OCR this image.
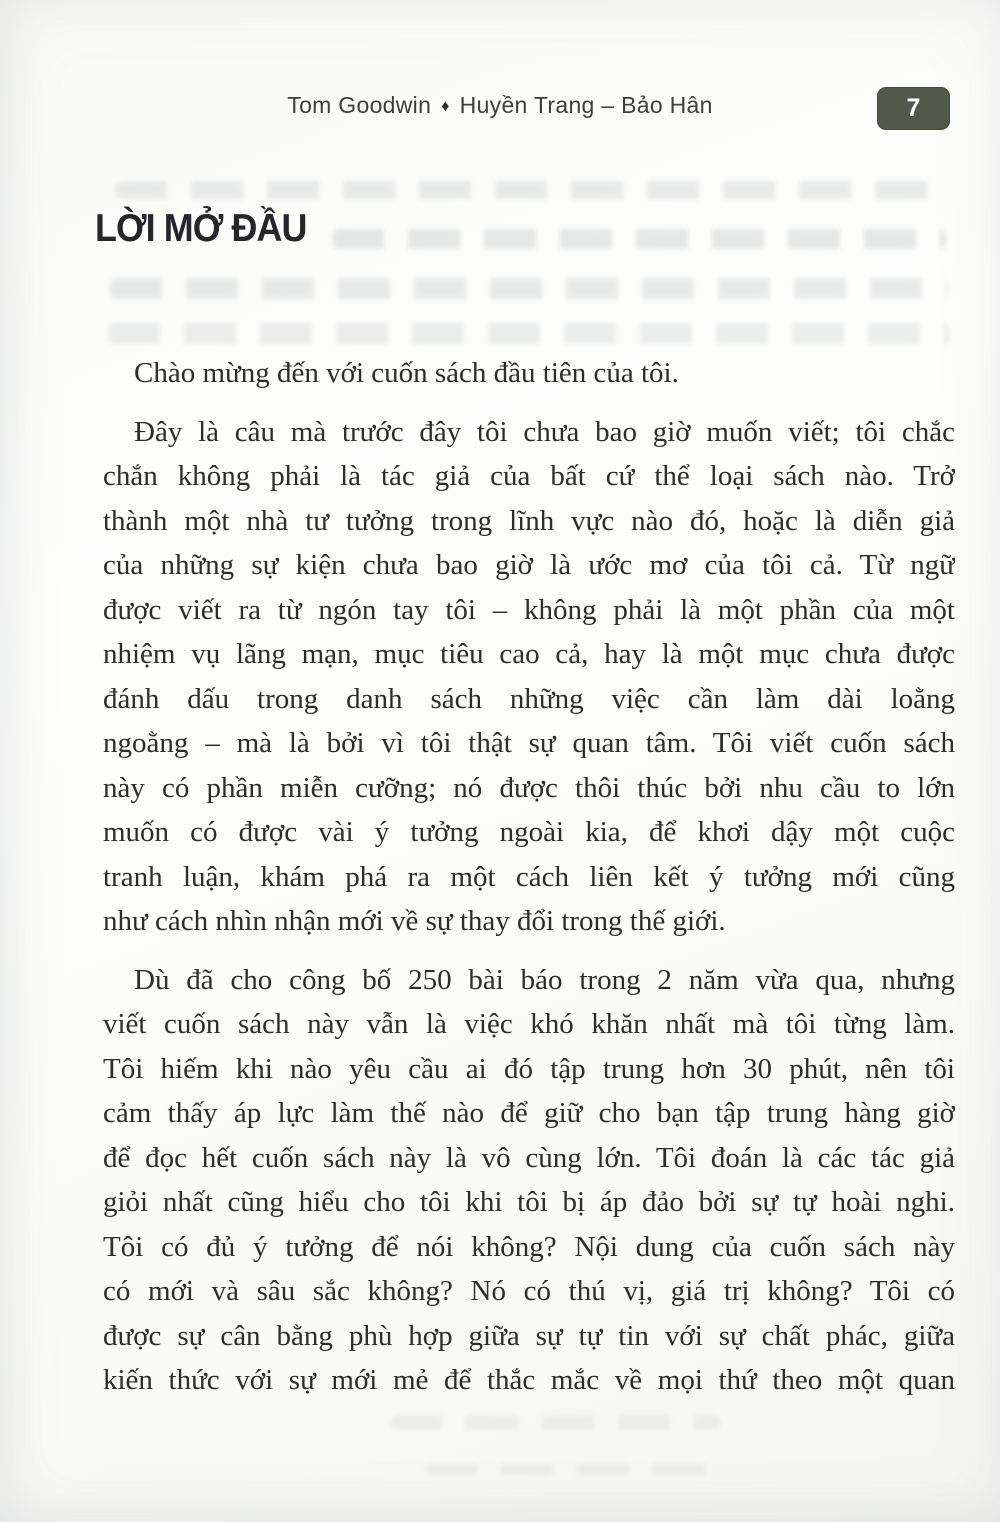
Tom Goodwin ♦ Huyền Trang – Bảo Hân	7
LỜI MỞ ĐẦU
Chào mừng đến với cuốn sách đầu tiên của tôi.
Đây là câu mà trước đây tôi chưa bao giờ muốn viết; tôi chắc
chắn không phải là tác giả của bất cứ thể loại sách nào. Trở
thành một nhà tư tưởng trong lĩnh vực nào đó, hoặc là diễn giả
của những sự kiện chưa bao giờ là ước mơ của tôi cả. Từ ngữ
được viết ra từ ngón tay tôi – không phải là một phần của một
nhiệm vụ lãng mạn, mục tiêu cao cả, hay là một mục chưa được
đánh dấu trong danh sách những việc cần làm dài loằng
ngoằng – mà là bởi vì tôi thật sự quan tâm. Tôi viết cuốn sách
này có phần miễn cưỡng; nó được thôi thúc bởi nhu cầu to lớn
muốn có được vài ý tưởng ngoài kia, để khơi dậy một cuộc
tranh luận, khám phá ra một cách liên kết ý tưởng mới cũng
như cách nhìn nhận mới về sự thay đổi trong thế giới.
Dù đã cho công bố 250 bài báo trong 2 năm vừa qua, nhưng
viết cuốn sách này vẫn là việc khó khăn nhất mà tôi từng làm.
Tôi hiếm khi nào yêu cầu ai đó tập trung hơn 30 phút, nên tôi
cảm thấy áp lực làm thế nào để giữ cho bạn tập trung hàng giờ
để đọc hết cuốn sách này là vô cùng lớn. Tôi đoán là các tác giả
giỏi nhất cũng hiểu cho tôi khi tôi bị áp đảo bởi sự tự hoài nghi.
Tôi có đủ ý tưởng để nói không? Nội dung của cuốn sách này
có mới và sâu sắc không? Nó có thú vị, giá trị không? Tôi có
được sự cân bằng phù hợp giữa sự tự tin với sự chất phác, giữa
kiến thức với sự mới mẻ để thắc mắc về mọi thứ theo một quan
